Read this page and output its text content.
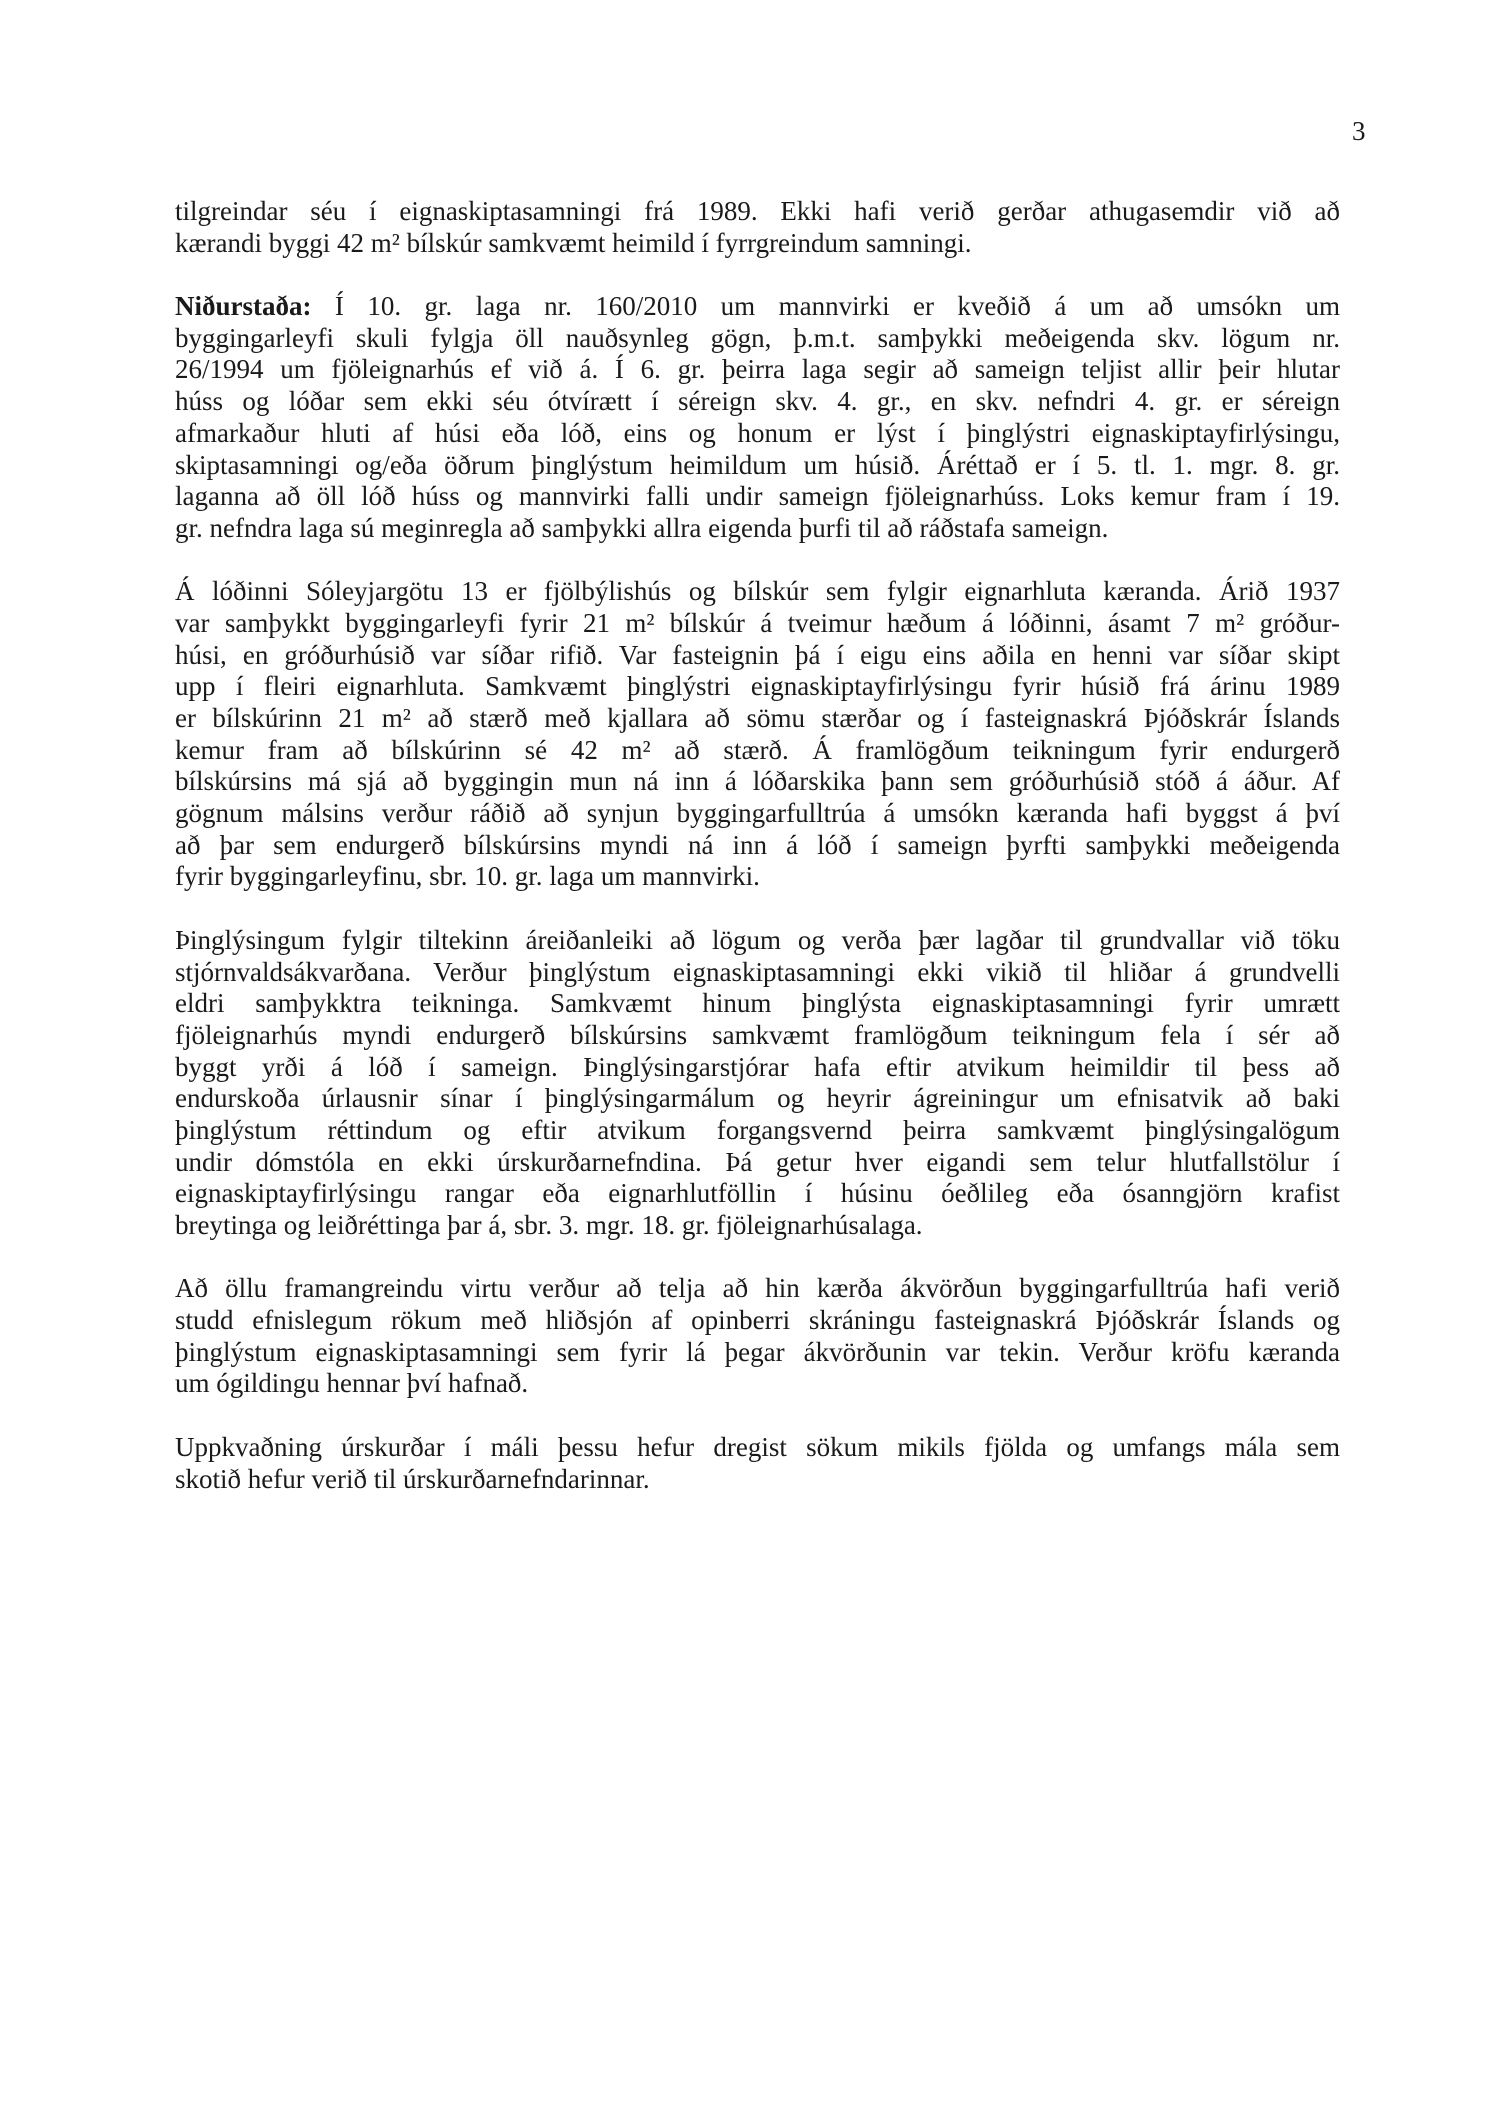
3
tilgreindar séu í eignaskiptasamningi frá 1989. Ekki hafi verið gerðar athugasemdir við að
kærandi byggi 42 m² bílskúr samkvæmt heimild í fyrrgreindum samningi.
Niðurstaða: Í 10. gr. laga nr. 160/2010 um mannvirki er kveðið á um að umsókn um
byggingarleyfi skuli fylgja öll nauðsynleg gögn, þ.m.t. samþykki meðeigenda skv. lögum nr.
26/1994 um fjöleignarhús ef við á. Í 6. gr. þeirra laga segir að sameign teljist allir þeir hlutar
húss og lóðar sem ekki séu ótvírætt í séreign skv. 4. gr., en skv. nefndri 4. gr. er séreign
afmarkaður hluti af húsi eða lóð, eins og honum er lýst í þinglýstri eignaskiptayfirlýsingu,
skiptasamningi og/eða öðrum þinglýstum heimildum um húsið. Áréttað er í 5. tl. 1. mgr. 8. gr.
laganna að öll lóð húss og mannvirki falli undir sameign fjöleignarhúss. Loks kemur fram í 19.
gr. nefndra laga sú meginregla að samþykki allra eigenda þurfi til að ráðstafa sameign.
Á lóðinni Sóleyjargötu 13 er fjölbýlishús og bílskúr sem fylgir eignarhluta kæranda. Árið 1937
var samþykkt byggingarleyfi fyrir 21 m² bílskúr á tveimur hæðum á lóðinni, ásamt 7 m² gróður-
húsi, en gróðurhúsið var síðar rifið. Var fasteignin þá í eigu eins aðila en henni var síðar skipt
upp í fleiri eignarhluta. Samkvæmt þinglýstri eignaskiptayfirlýsingu fyrir húsið frá árinu 1989
er bílskúrinn 21 m² að stærð með kjallara að sömu stærðar og í fasteignaskrá Þjóðskrár Íslands
kemur fram að bílskúrinn sé 42 m² að stærð. Á framlögðum teikningum fyrir endurgerð
bílskúrsins má sjá að byggingin mun ná inn á lóðarskika þann sem gróðurhúsið stóð á áður. Af
gögnum málsins verður ráðið að synjun byggingarfulltrúa á umsókn kæranda hafi byggst á því
að þar sem endurgerð bílskúrsins myndi ná inn á lóð í sameign þyrfti samþykki meðeigenda
fyrir byggingarleyfinu, sbr. 10. gr. laga um mannvirki.
Þinglýsingum fylgir tiltekinn áreiðanleiki að lögum og verða þær lagðar til grundvallar við töku
stjórnvaldsákvarðana. Verður þinglýstum eignaskiptasamningi ekki vikið til hliðar á grundvelli
eldri samþykktra teikninga. Samkvæmt hinum þinglýsta eignaskiptasamningi fyrir umrætt
fjöleignarhús myndi endurgerð bílskúrsins samkvæmt framlögðum teikningum fela í sér að
byggt yrði á lóð í sameign. Þinglýsingarstjórar hafa eftir atvikum heimildir til þess að
endurskoða úrlausnir sínar í þinglýsingarmálum og heyrir ágreiningur um efnisatvik að baki
þinglýstum réttindum og eftir atvikum forgangsvernd þeirra samkvæmt þinglýsingalögum
undir dómstóla en ekki úrskurðarnefndina. Þá getur hver eigandi sem telur hlutfallstölur í
eignaskiptayfirlýsingu rangar eða eignarhlutföllin í húsinu óeðlileg eða ósanngjörn krafist
breytinga og leiðréttinga þar á, sbr. 3. mgr. 18. gr. fjöleignarhúsalaga.
Að öllu framangreindu virtu verður að telja að hin kærða ákvörðun byggingarfulltrúa hafi verið
studd efnislegum rökum með hliðsjón af opinberri skráningu fasteignaskrá Þjóðskrár Íslands og
þinglýstum eignaskiptasamningi sem fyrir lá þegar ákvörðunin var tekin. Verður kröfu kæranda
um ógildingu hennar því hafnað.
Uppkvaðning úrskurðar í máli þessu hefur dregist sökum mikils fjölda og umfangs mála sem
skotið hefur verið til úrskurðarnefndarinnar.
